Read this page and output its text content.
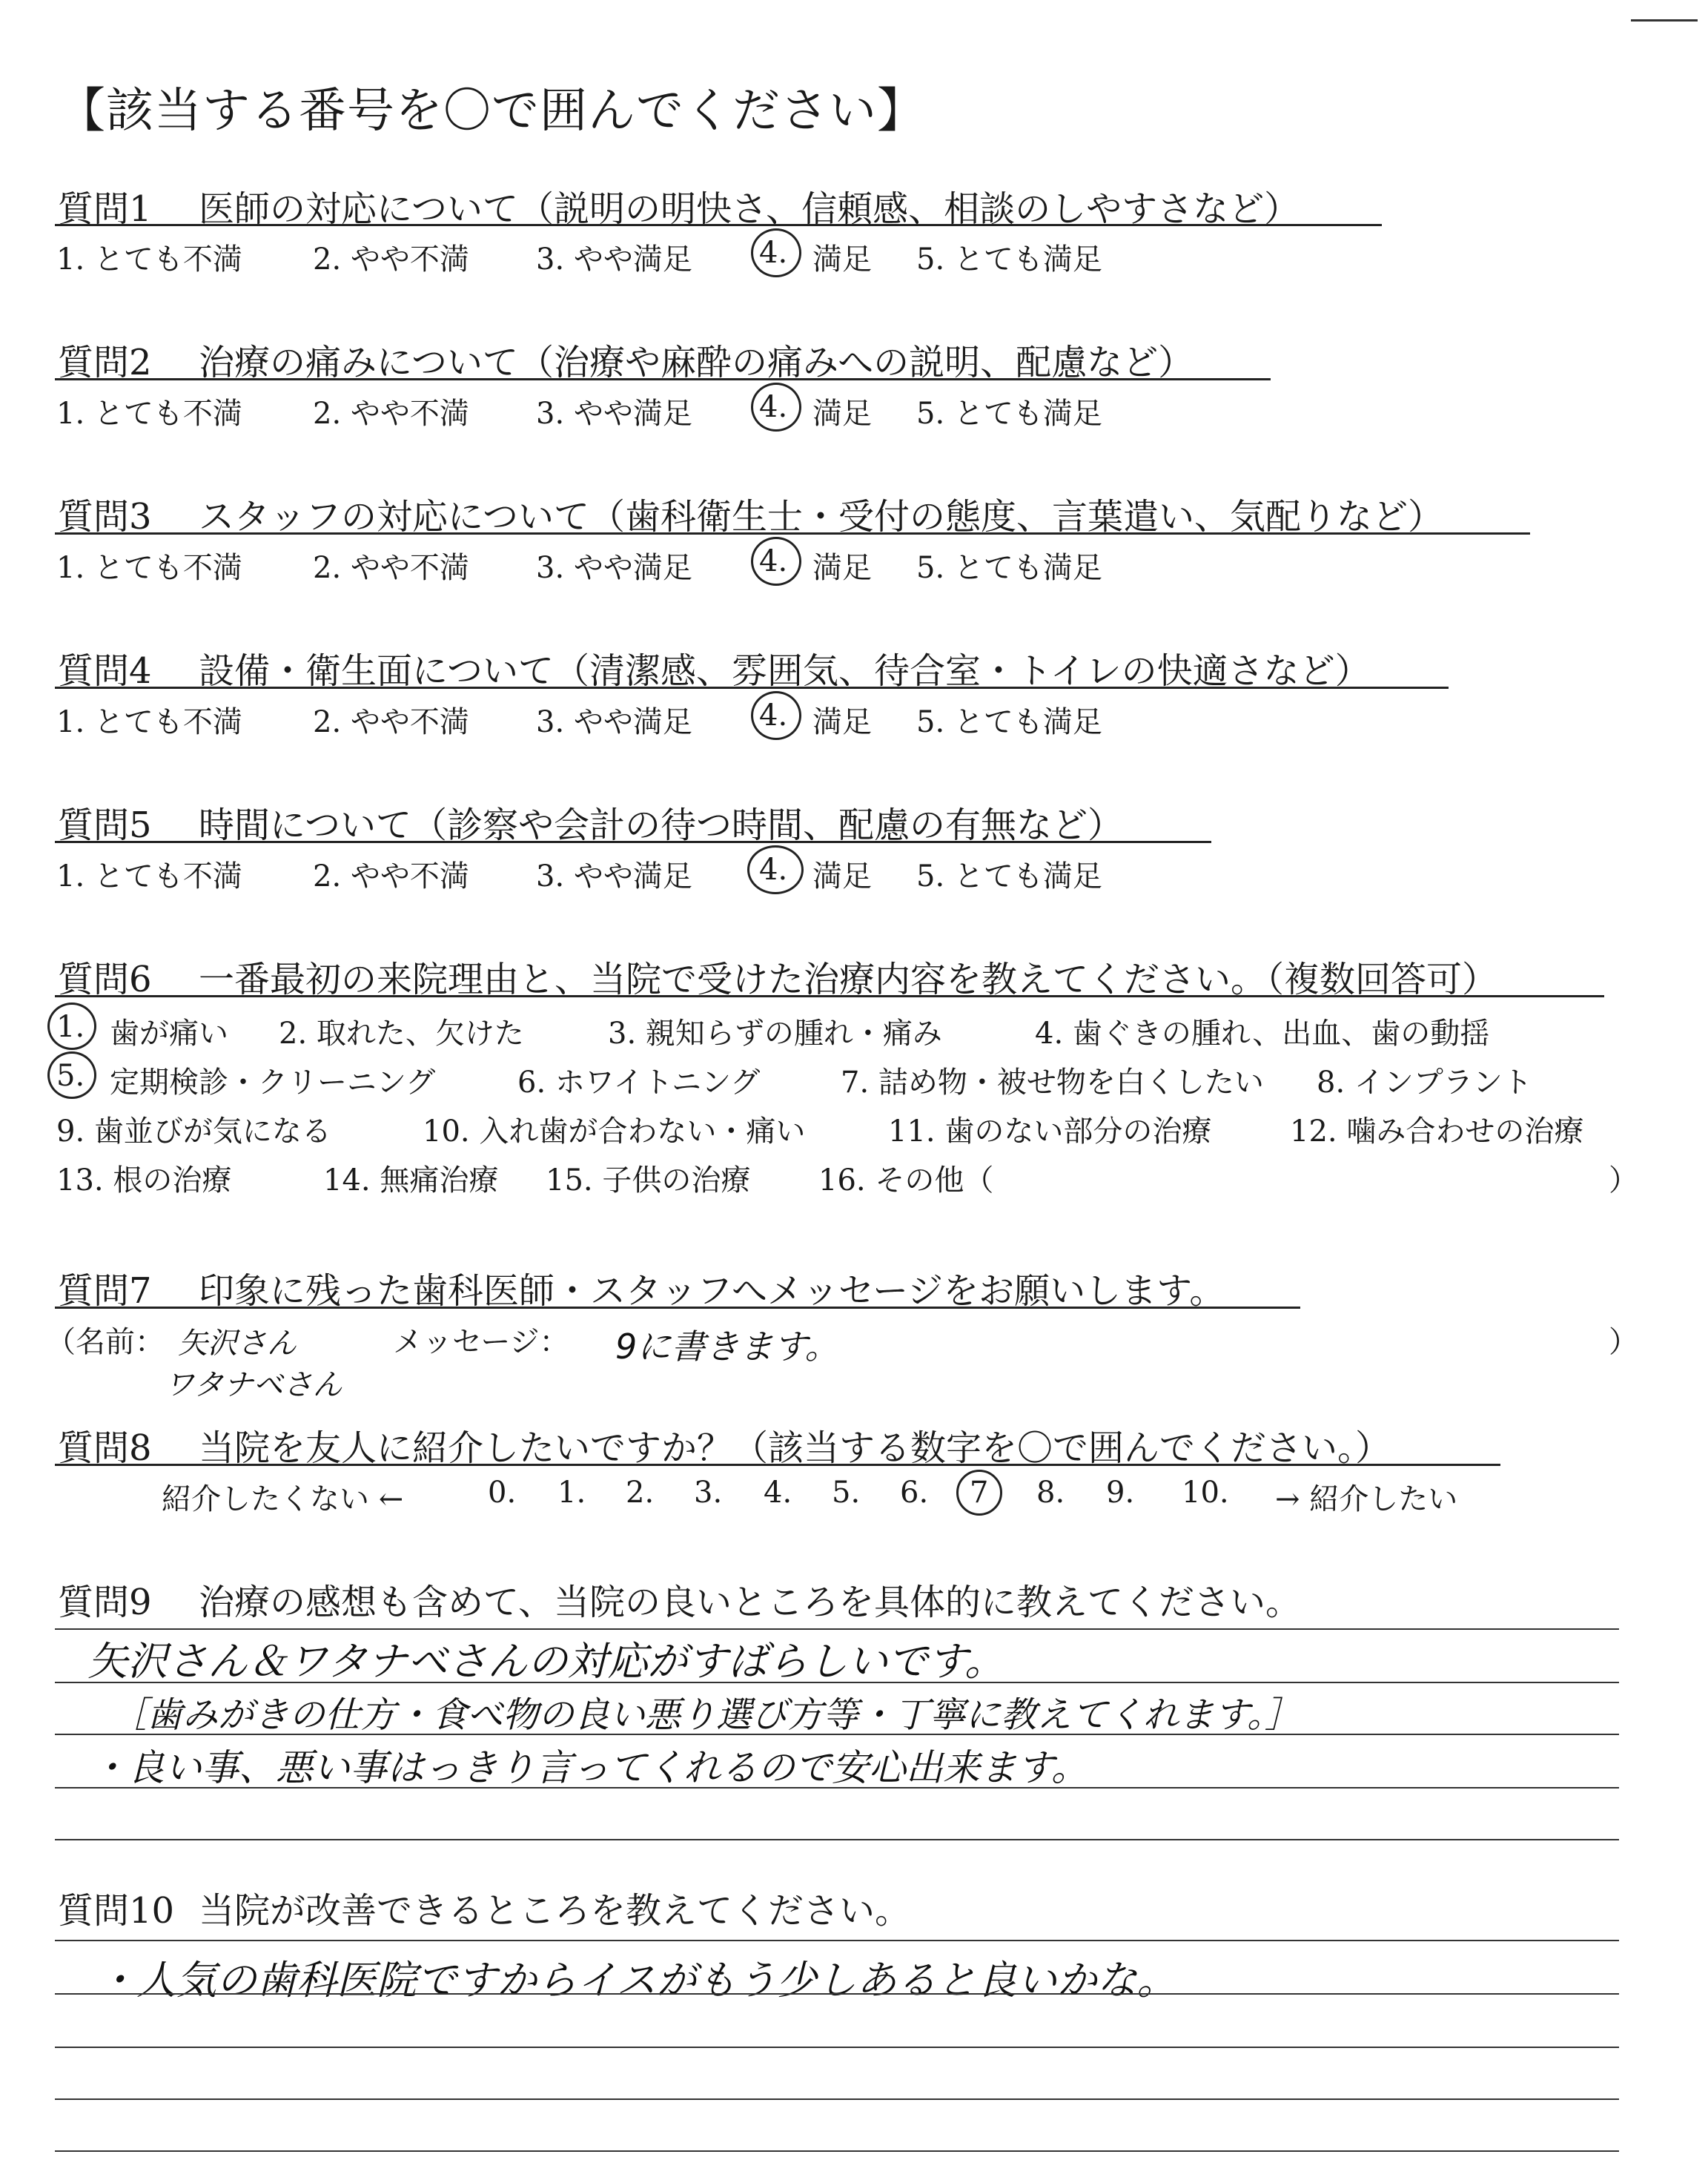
【該当する番号を〇で囲んでください】
質問1 医師の対応について（説明の明快さ、信頼感、相談のしやすさなど）
1. とても不満 2. やや不満 3. やや満足 4. 満足 5. とても満足
質問2 治療の痛みについて（治療や麻酔の痛みへの説明、配慮など）
1. とても不満 2. やや不満 3. やや満足 4. 満足 5. とても満足
質問3 スタッフの対応について（歯科衛生士・受付の態度、言葉遣い、気配りなど）
1. とても不満 2. やや不満 3. やや満足 4. 満足 5. とても満足
質問4 設備・衛生面について（清潔感、雰囲気、待合室・トイレの快適さなど）
1. とても不満 2. やや不満 3. やや満足 4. 満足 5. とても満足
質問5 時間について（診察や会計の待つ時間、配慮の有無など）
1. とても不満 2. やや不満 3. やや満足 4. 満足 5. とても満足
質問6 一番最初の来院理由と、当院で受けた治療内容を教えてください。（複数回答可）
1. 歯が痛い 2. 取れた、欠けた	3. 親知らずの腫れ・痛み	4. 歯ぐきの腫れ、出血、歯の動揺
5. 定期検診・クリーニング	6. ホワイトニング	7. 詰め物・被せ物を白くしたい 8. インプラント
9. 歯並びが気になる	10. 入れ歯が合わない・痛い	11. 歯のない部分の治療	12. 噛み合わせの治療
13. 根の治療	14. 無痛治療 15. 子供の治療 16. その他（	）
質問7 印象に残った歯科医師・スタッフへメッセージをお願いします。
（名前： 矢沢さん
ワタナベさん
メッセージ： 9に書きます。	）
質問8 当院を友人に紹介したいですか？（該当する数字を〇で囲んでください。）
紹介したくない ←	0. 1. 2. 3. 4. 5. 6. 7 8. 9. 10. → 紹介したい
質問9 治療の感想も含めて、当院の良いところを具体的に教えてください。
矢沢さん＆ワタナベさんの対応がすばらしいです。
［歯みがきの仕方・食べ物の良い悪り選び方等・丁寧に教えてくれます。］
・良い事、悪い事はっきり言ってくれるので安心出来ます。
質問10 当院が改善できるところを教えてください。
・人気の歯科医院ですからイスがもう少しあると良いかな。
